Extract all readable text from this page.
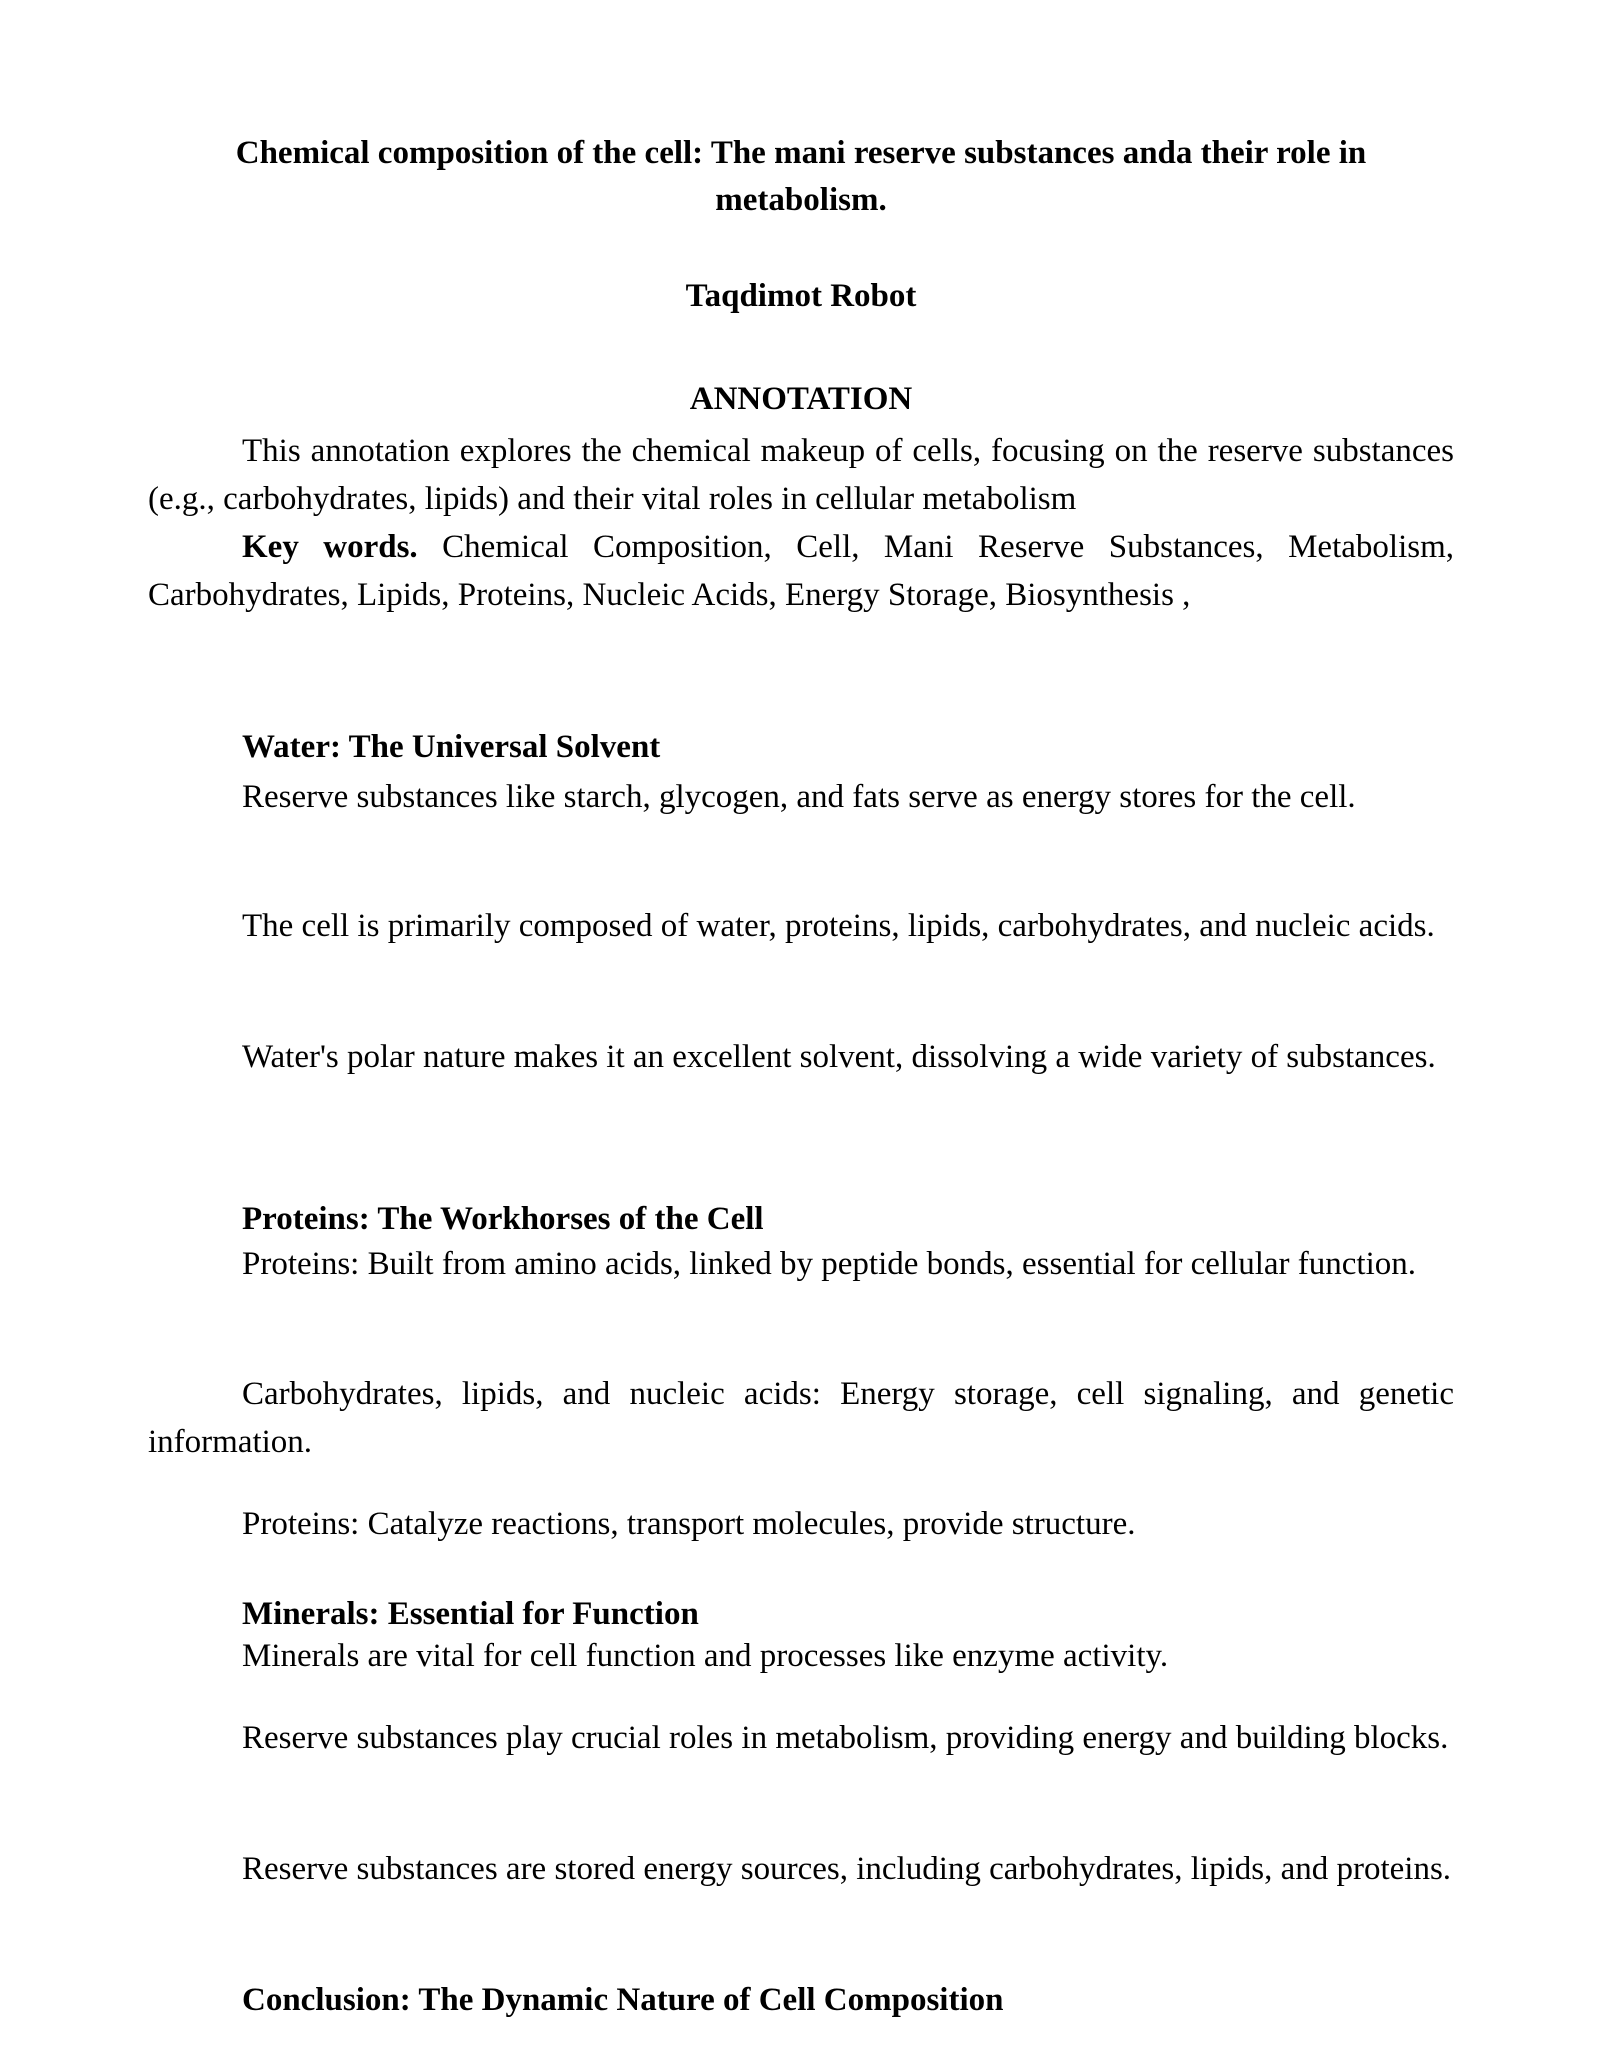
Chemical composition of the cell: The mani reserve substances anda their role in metabolism.

Taqdimot Robot

ANNOTATION

This annotation explores the chemical makeup of cells, focusing on the reserve substances (e.g., carbohydrates, lipids) and their vital roles in cellular metabolism

Key words. Chemical Composition, Cell, Mani Reserve Substances, Metabolism, Carbohydrates, Lipids, Proteins, Nucleic Acids, Energy Storage, Biosynthesis ,

Water: The Universal Solvent

Reserve substances like starch, glycogen, and fats serve as energy stores for the cell.

The cell is primarily composed of water, proteins, lipids, carbohydrates, and nucleic acids.

Water's polar nature makes it an excellent solvent, dissolving a wide variety of substances.

Proteins: The Workhorses of the Cell

Proteins: Built from amino acids, linked by peptide bonds, essential for cellular function.

Carbohydrates, lipids, and nucleic acids: Energy storage, cell signaling, and genetic information.

Proteins: Catalyze reactions, transport molecules, provide structure.

Minerals: Essential for Function

Minerals are vital for cell function and processes like enzyme activity.

Reserve substances play crucial roles in metabolism, providing energy and building blocks.

Reserve substances are stored energy sources, including carbohydrates, lipids, and proteins.

Conclusion: The Dynamic Nature of Cell Composition
